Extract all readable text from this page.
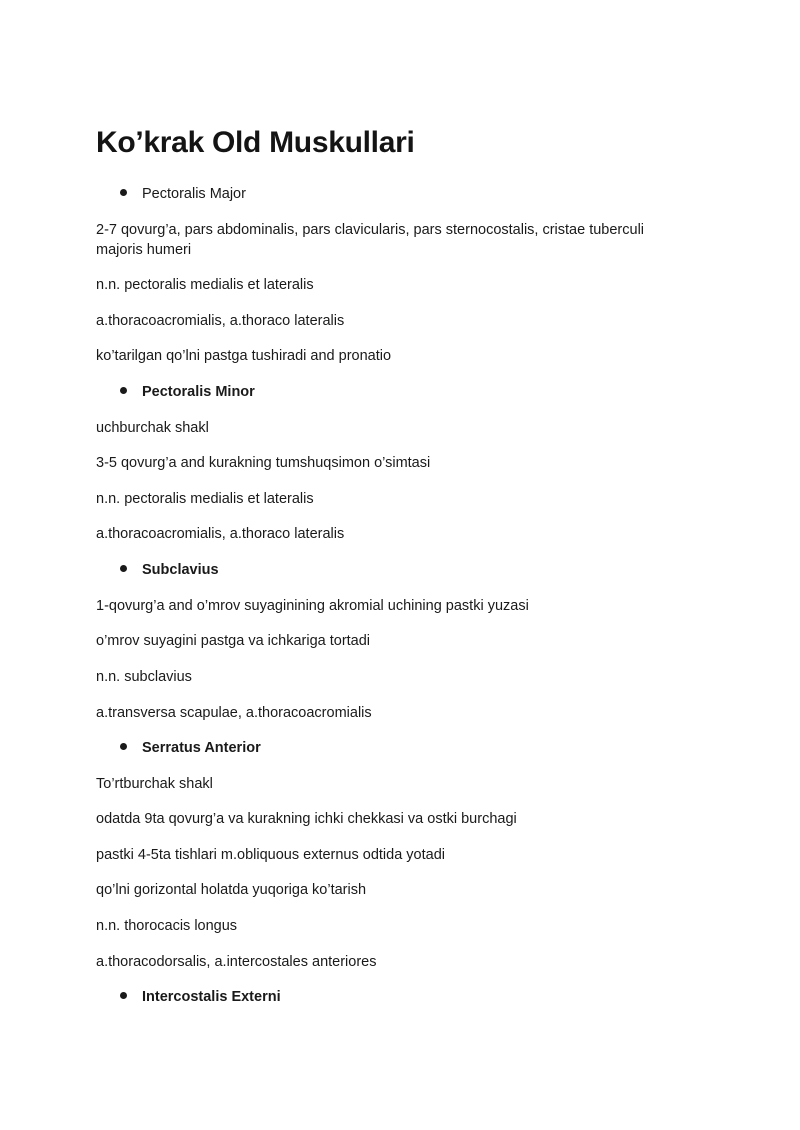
Ko’krak Old Muskullari
Pectoralis Major

2-7 qovurg’a, pars abdominalis, pars clavicularis, pars sternocostalis, cristae tuberculi majoris humeri

n.n. pectoralis medialis et lateralis

a.thoracoacromialis, a.thoraco lateralis

ko’tarilgan qo’lni pastga tushiradi and pronatio

Pectoralis Minor

uchburchak shakl

3-5 qovurg’a and kurakning tumshuqsimon o’simtasi

n.n. pectoralis medialis et lateralis

a.thoracoacromialis, a.thoraco lateralis

Subclavius

1-qovurg’a and o’mrov suyaginining akromial uchining pastki yuzasi

o’mrov suyagini pastga va ichkariga tortadi

n.n. subclavius

a.transversa scapulae, a.thoracoacromialis

Serratus Anterior

To’rtburchak shakl

odatda 9ta qovurg’a va kurakning ichki chekkasi va ostki burchagi

pastki 4-5ta tishlari m.obliquous externus odtida yotadi

qo’lni gorizontal holatda yuqoriga ko’tarish

n.n. thorocacis longus

a.thoracodorsalis, a.intercostales anteriores

Intercostalis Externi
